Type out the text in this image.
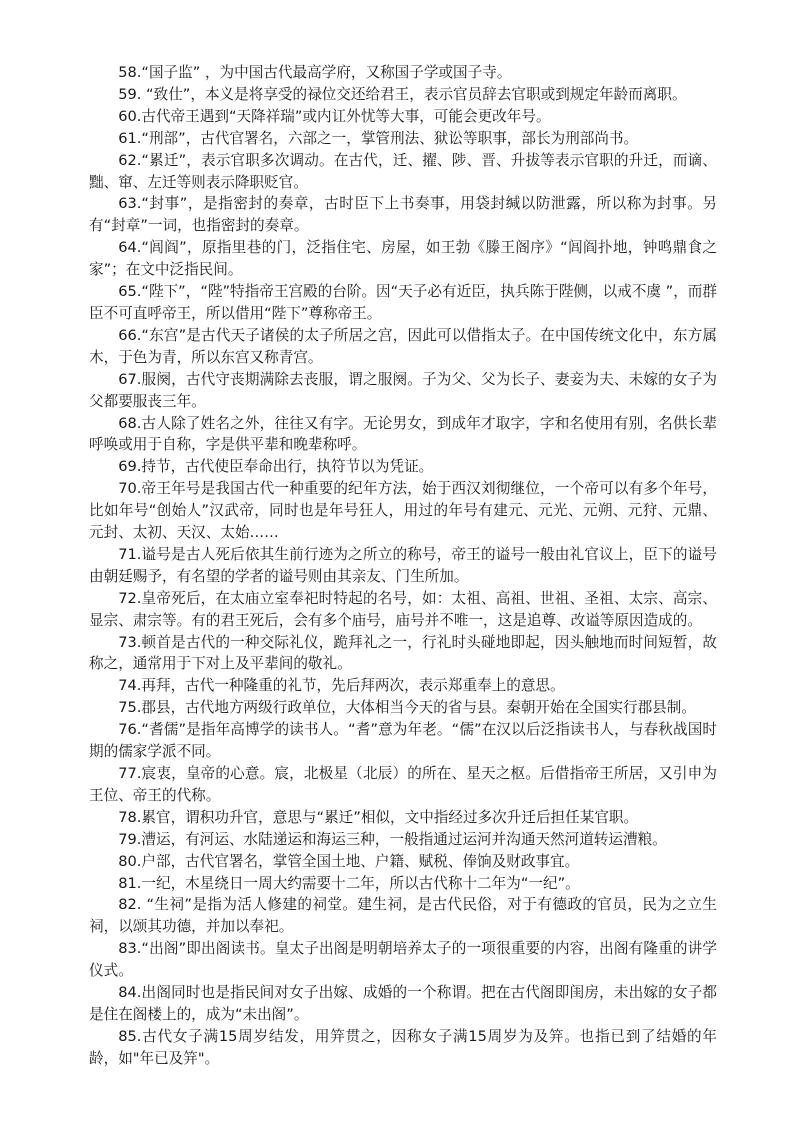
58.“国子监” ，为中国古代最高学府，又称国子学或国子寺。

59. “致仕”，本义是将享受的禄位交还给君王，表示官员辞去官职或到规定年龄而离职。

60.古代帝王遇到“天降祥瑞”或内讧外忧等大事，可能会更改年号。

61.“刑部”，古代官署名，六部之一，掌管刑法、狱讼等职事，部长为刑部尚书。

62.“累迁”，表示官职多次调动。在古代，迁、擢、陟、晋、升拔等表示官职的升迁，而谪、黜、窜、左迁等则表示降职贬官。

63.“封事”，是指密封的奏章，古时臣下上书奏事，用袋封缄以防泄露，所以称为封事。另有“封章”一词，也指密封的奏章。

64.“闾阎”，原指里巷的门，泛指住宅、房屋，如王勃《滕王阁序》“闾阎扑地，钟鸣鼎食之家”；在文中泛指民间。

65.“陛下”，“陛”特指帝王宫殿的台阶。因“天子必有近臣，执兵陈于陛侧，以戒不虞 ”，而群臣不可直呼帝王，所以借用“陛下”尊称帝王。

66.“东宫”是古代天子诸侯的太子所居之宫，因此可以借指太子。在中国传统文化中，东方属木，于色为青，所以东宫又称青宫。

67.服阕，古代守丧期满除去丧服，谓之服阕。子为父、父为长子、妻妾为夫、未嫁的女子为父都要服丧三年。

68.古人除了姓名之外，往往又有字。无论男女，到成年才取字，字和名使用有别，名供长辈呼唤或用于自称，字是供平辈和晚辈称呼。

69.持节，古代使臣奉命出行，执符节以为凭证。

70.帝王年号是我国古代一种重要的纪年方法，始于西汉刘彻继位，一个帝可以有多个年号，比如年号“创始人”汉武帝，同时也是年号狂人，用过的年号有建元、元光、元朔、元狩、元鼎、元封、太初、天汉、太始……

71.谥号是古人死后依其生前行迹为之所立的称号，帝王的谥号一般由礼官议上，臣下的谥号由朝廷赐予，有名望的学者的谥号则由其亲友、门生所加。

72.皇帝死后，在太庙立室奉祀时特起的名号，如：太祖、高祖、世祖、圣祖、太宗、高宗、显宗、肃宗等。有的君王死后，会有多个庙号，庙号并不唯一，这是追尊、改谥等原因造成的。

73.顿首是古代的一种交际礼仪，跪拜礼之一，行礼时头碰地即起，因头触地而时间短暂，故称之，通常用于下对上及平辈间的敬礼。

74.再拜，古代一种隆重的礼节，先后拜两次，表示郑重奉上的意思。

75.郡县，古代地方两级行政单位，大体相当今天的省与县。秦朝开始在全国实行郡县制。

76.“耆儒”是指年高博学的读书人。“耆”意为年老。“儒”在汉以后泛指读书人，与春秋战国时期的儒家学派不同。

77.宸衷，皇帝的心意。宸，北极星（北辰）的所在、星天之枢。后借指帝王所居，又引申为王位、帝王的代称。

78.累官，谓积功升官，意思与“累迁”相似，文中指经过多次升迁后担任某官职。

79.漕运，有河运、水陆递运和海运三种，一般指通过运河并沟通天然河道转运漕粮。

80.户部，古代官署名，掌管全国土地、户籍、赋税、俸饷及财政事宜。

81.一纪，木星绕日一周大约需要十二年，所以古代称十二年为“一纪”。

82. “生祠”是指为活人修建的祠堂。建生祠，是古代民俗，对于有德政的官员，民为之立生祠，以颂其功德，并加以奉祀。

83.“出阁”即出阁读书。皇太子出阁是明朝培养太子的一项很重要的内容，出阁有隆重的讲学仪式。

84.出阁同时也是指民间对女子出嫁、成婚的一个称谓。把在古代阁即闺房，未出嫁的女子都是住在阁楼上的，成为“未出阁”。

85.古代女子满15周岁结发，用笄贯之，因称女子满15周岁为及笄。也指已到了结婚的年龄，如"年已及笄"。
